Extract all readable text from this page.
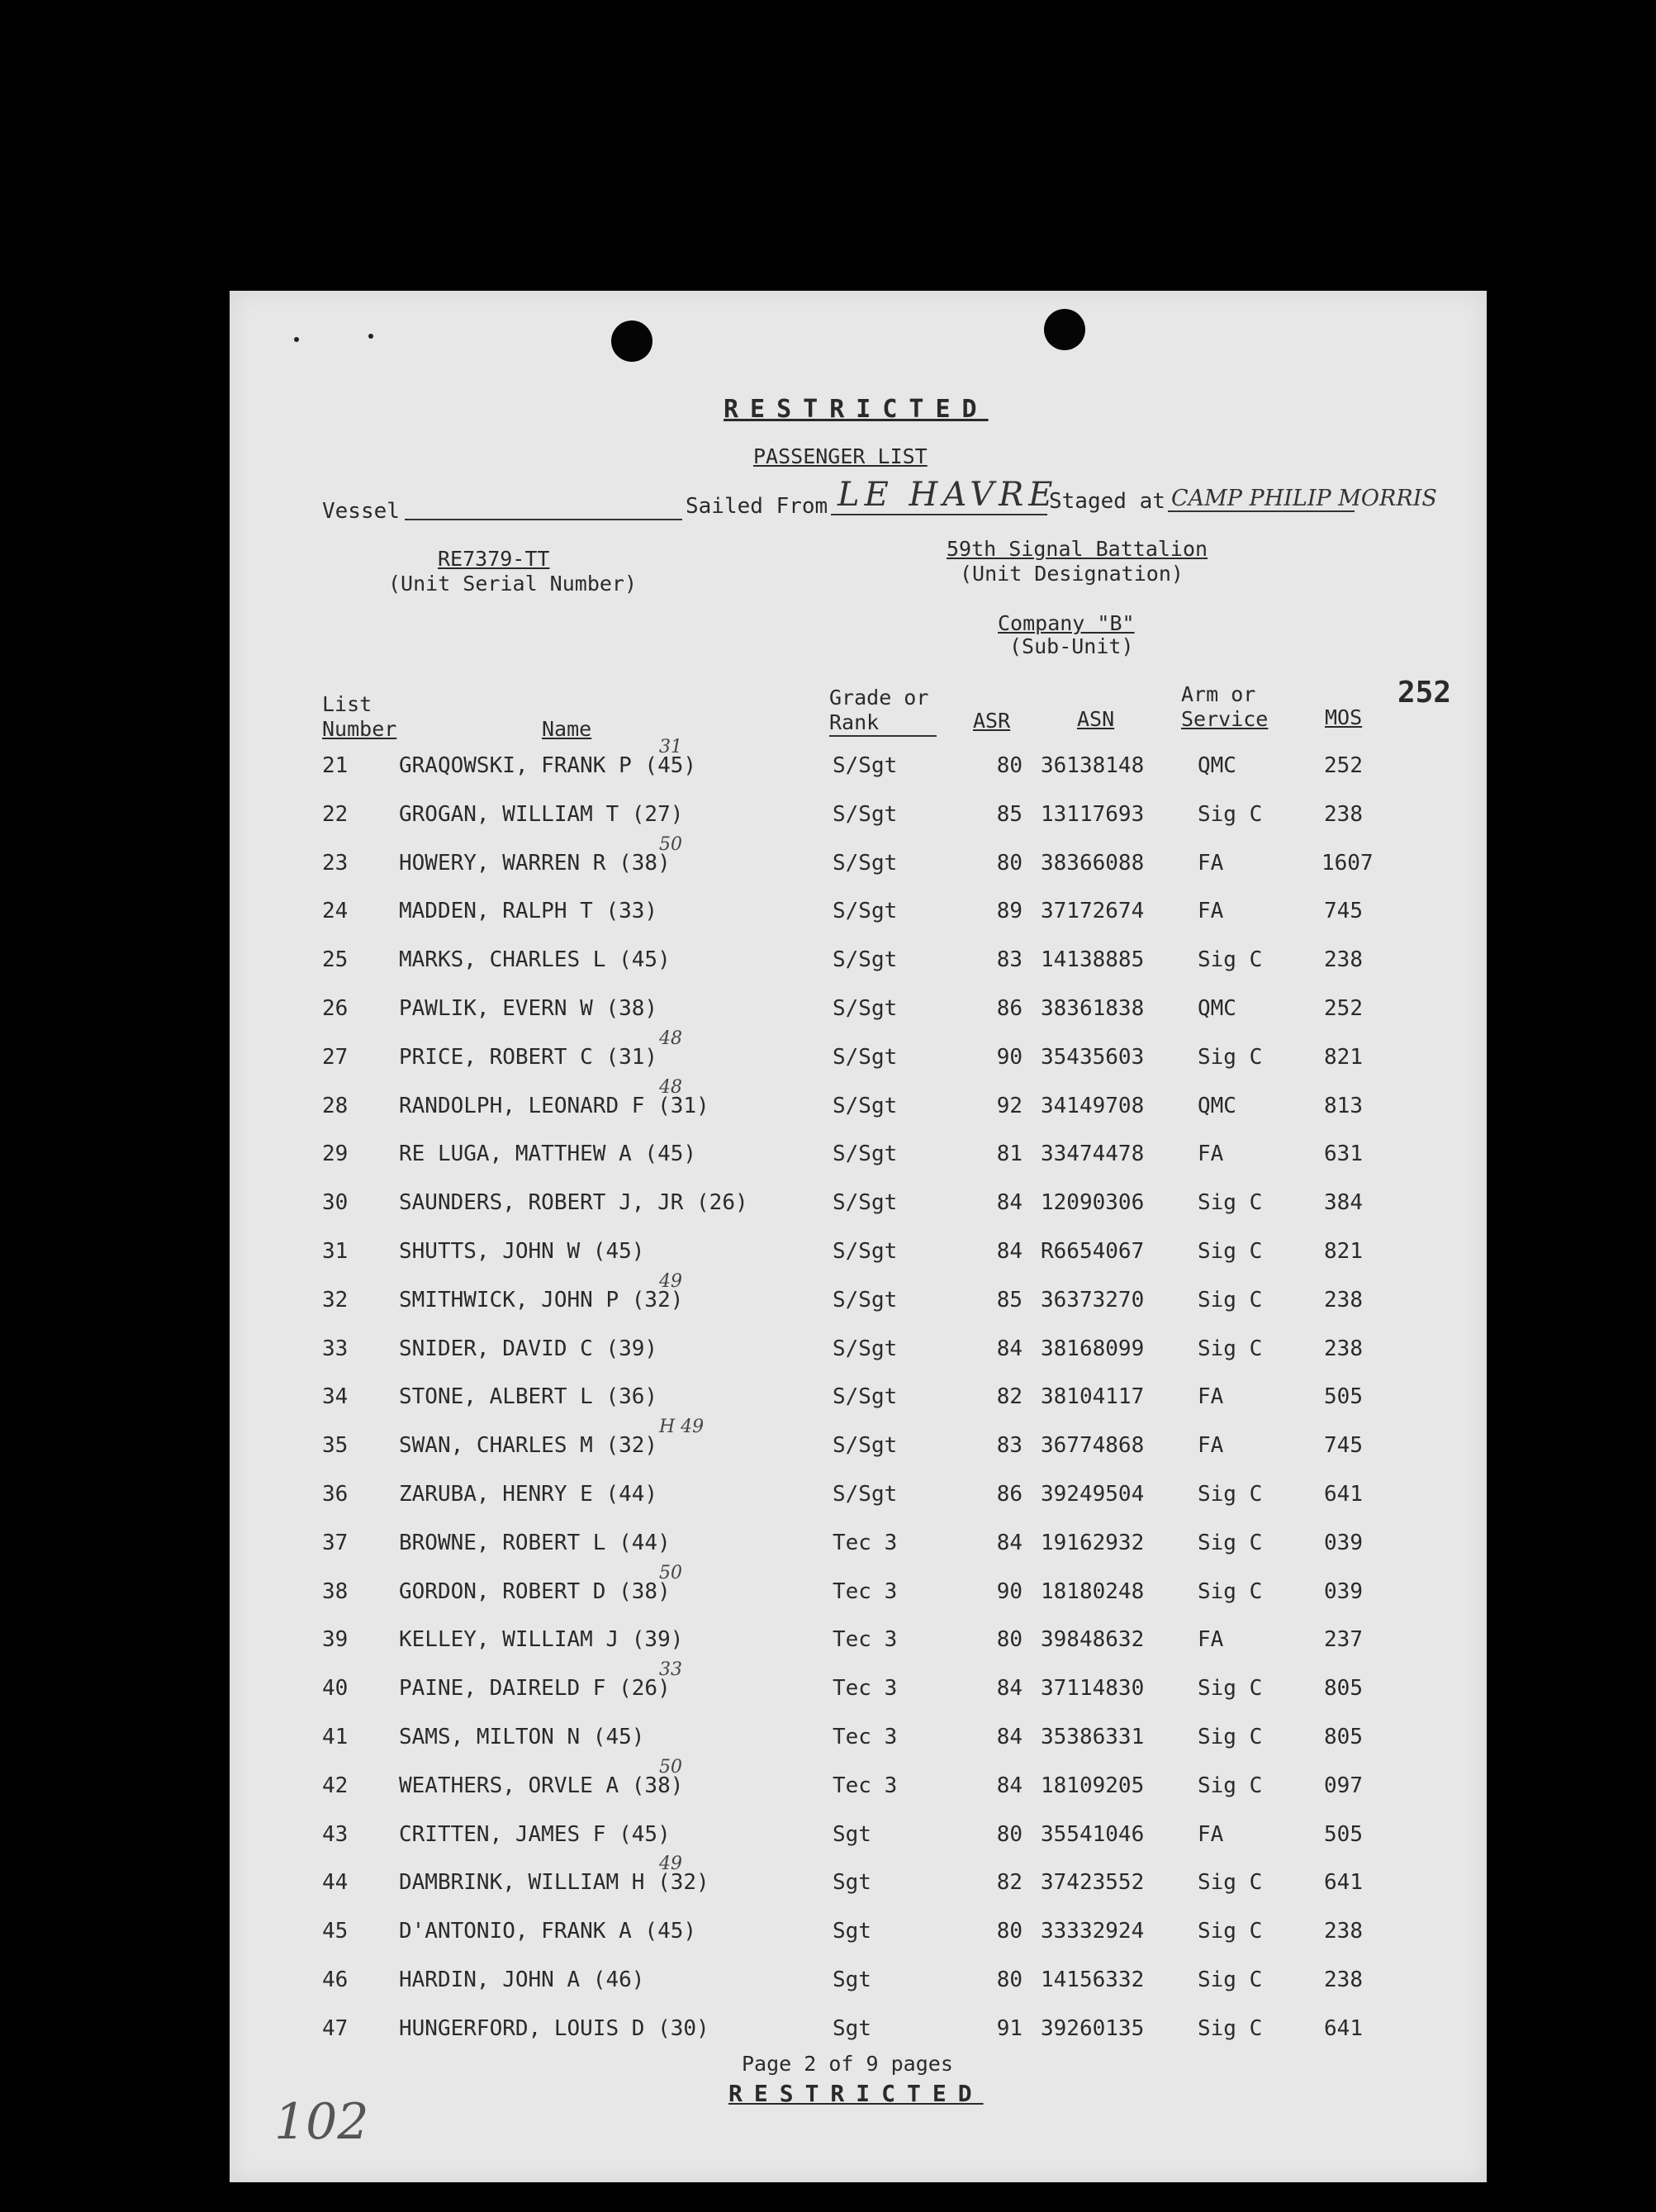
RESTRICTED
PASSENGER LIST
Vessel	Sailed From LE HAVRE
Staged at CAMP PHILIP MORRIS
RE7379-TT
(Unit Serial Number)
59th Signal Battalion
(Unit Designation)
Company "B"
(Sub-Unit)
252
List
Number	Name
Grade or
Rank	ASR	ASN
Arm or
Service	MOS
21 GRAQOWSKI, FRANK P (45)	S/Sgt	80 36138148 QMC	252
31
22 GROGAN, WILLIAM T (27)	S/Sgt	85 13117693 Sig C	238
23 HOWERY, WARREN R (38)	S/Sgt	80 38366088 FA	1607
50
24 MADDEN, RALPH T (33)	S/Sgt	89 37172674 FA	745
25 MARKS, CHARLES L (45)	S/Sgt	83 14138885 Sig C	238
26 PAWLIK, EVERN W (38)	S/Sgt	86 38361838 QMC	252
27 PRICE, ROBERT C (31)	S/Sgt	90 35435603 Sig C	821
48
28 RANDOLPH, LEONARD F (31)	S/Sgt	92 34149708 QMC	813
48
29 RE LUGA, MATTHEW A (45)	S/Sgt	81 33474478 FA	631
30 SAUNDERS, ROBERT J, JR (26)	S/Sgt	84 12090306 Sig C	384
31 SHUTTS, JOHN W (45)	S/Sgt	84 R6654067 Sig C	821
32 SMITHWICK, JOHN P (32)	S/Sgt	85 36373270 Sig C	238
49
33 SNIDER, DAVID C (39)	S/Sgt	84 38168099 Sig C	238
34 STONE, ALBERT L (36)	S/Sgt	82 38104117 FA	505
35 SWAN, CHARLES M (32)	S/Sgt	83 36774868 FA	745
H 49
36 ZARUBA, HENRY E (44)	S/Sgt	86 39249504 Sig C	641
37 BROWNE, ROBERT L (44)	Tec 3	84 19162932 Sig C	039
38 GORDON, ROBERT D (38)	Tec 3	90 18180248 Sig C	039
50
39 KELLEY, WILLIAM J (39)	Tec 3	80 39848632 FA	237
40 PAINE, DAIRELD F (26)	Tec 3	84 37114830 Sig C	805
33
41 SAMS, MILTON N (45)	Tec 3	84 35386331 Sig C	805
42 WEATHERS, ORVLE A (38)	Tec 3	84 18109205 Sig C	097
50
43 CRITTEN, JAMES F (45)	Sgt	80 35541046 FA	505
44 DAMBRINK, WILLIAM H (32)	Sgt	82 37423552 Sig C	641
49
45 D'ANTONIO, FRANK A (45)	Sgt	80 33332924 Sig C	238
46 HARDIN, JOHN A (46)	Sgt	80 14156332 Sig C	238
47 HUNGERFORD, LOUIS D (30)	Sgt	91 39260135 Sig C	641
Page 2 of 9 pages
RESTRICTED
102
